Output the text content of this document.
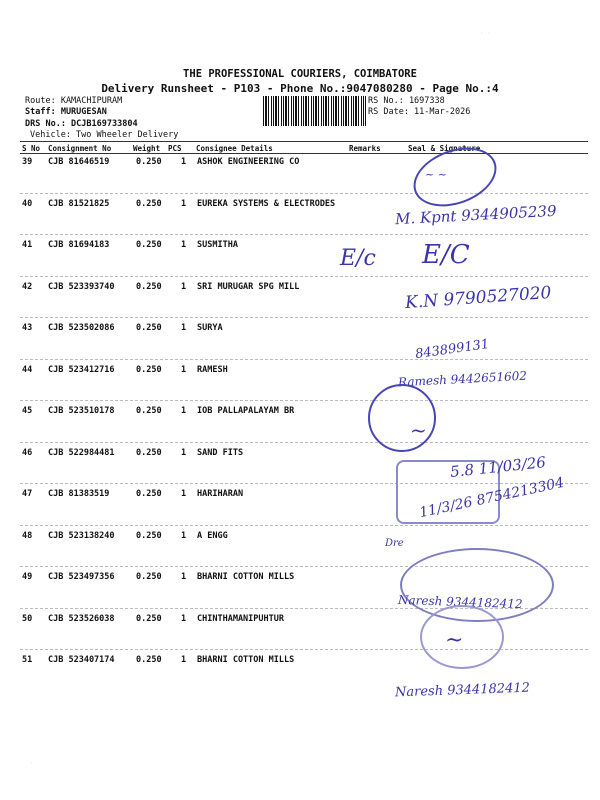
THE PROFESSIONAL COURIERS, COIMBATORE
Delivery Runsheet - P103 - Phone No.:9047080280 - Page No.:4
Route: KAMACHIPURAM
Staff: MURUGESAN
DRS No.: DCJB169733804
Vehicle: Two Wheeler Delivery
RS No.: 1697338
RS Date: 11-Mar-2026
S No Consignment No	Weight PCS Consignee Details	Remarks	Seal & Signature
39 CJB 81646519	0.250 1 ASHOK ENGINEERING CO
40 CJB 81521825	0.250 1 EUREKA SYSTEMS & ELECTRODES
41 CJB 81694183	0.250 1 SUSMITHA
42 CJB 523393740	0.250 1 SRI MURUGAR SPG MILL
43 CJB 523502086	0.250 1 SURYA
44 CJB 523412716	0.250 1 RAMESH
45 CJB 523510178	0.250 1 IOB PALLAPALAYAM BR
46 CJB 522984481	0.250 1 SAND FITS
47 CJB 81383519	0.250 1 HARIHARAN
48 CJB 523138240	0.250 1 A ENGG
49 CJB 523497356	0.250 1 BHARNI COTTON MILLS
50 CJB 523526038	0.250 1 CHINTHAMANIPUHTUR
51 CJB 523407174	0.250 1 BHARNI COTTON MILLS
~ ~
M. Kpnt 9344905239
E/c E/C
K.N 9790527020
843899131
Ramesh 9442651602
~
5.8 11/03/26
11/3/26 8754213304
Dre
Naresh 9344182412
~
Naresh 9344182412
· ·
·
